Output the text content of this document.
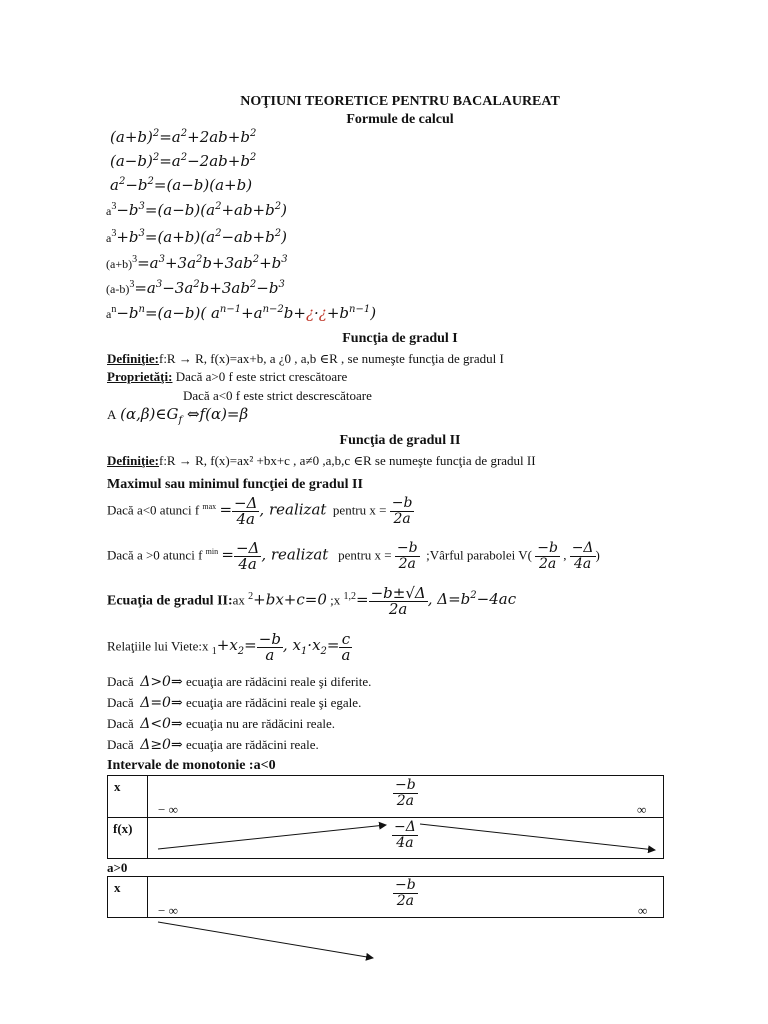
NOŢIUNI TEORETICE PENTRU BACALAUREAT
Formule de calcul
$(a+b)^2=a^2+2ab+b^2$
$(a-b)^2=a^2-2ab+b^2$
$a^2-b^2=(a-b)(a+b)$
$a^3-b^3=(a-b)(a^2+ab+b^2)$
$a^3+b^3=(a+b)(a^2-ab+b^2)$
$(a+b)^3=a^3+3a^2b+3ab^2+b^3$
$(a-b)^3=a^3-3a^2b+3ab^2-b^3$
$a^n-b^n=(a-b)$( $a^{n-1}+a^{n-2}b+¿\cdot¿+b^{n-1}$)
Funcţia de gradul I
Definiţie:f:R → R, f(x)=ax+b, a ¿0 , a,b ∈R , se numeşte funcţia de gradul I
Proprietăţi: Dacă a>0 f este strict crescătoare
Dacă a<0 f este strict descrescătoare
A $(\alpha,\beta)\in G_f$ ⇔f(α)=β
Funcţia de gradul II
Definiţie:f:R → R, f(x)=ax² +bx+c , a≠0 ,a,b,c ∈R se numeşte funcţia de gradul II
Maximul sau minimul funcţiei de gradul II
Dacă a<0 atunci f $^{max} = \frac{-\Delta}{4a}$ , realizat  pentru $x = \frac{-b}{2a}$
Dacă a >0 atunci f $^{min} = \frac{-\Delta}{4a}$ , realizat   pentru $x = \frac{-b}{2a}$ ;Vârful parabolei $V( \frac{-b}{2a}$ , $\frac{-\Delta}{4a}$ )
Ecuaţia de gradul II:ax $^2$+bx+c=0 ;x $^{1,2}= \frac{-b\pm√\Delta}{2a}$ , $\Delta=b^2-4ac$
Relaţiile lui Viete:x $_1+x_2= \frac{-b}{a}$ , $x_1\cdot x_2= \frac{c}{a}$
Dacă Δ>0⇒ ecuaţia are rădăcini reale şi diferite.
Dacă Δ=0⇒ ecuaţia are rădăcini reale şi egale.
Dacă Δ<0⇒ ecuaţia nu are rădăcini reale.
Dacă Δ≥0⇒ ecuaţia are rădăcini reale.
Intervale de monotonie :a<0
x
f(x)
− ∞	∞
$\frac{-b}{2a}$
$\frac{-\Delta}{4a}$
a>0
x
− ∞	∞
$\frac{-b}{2a}$
